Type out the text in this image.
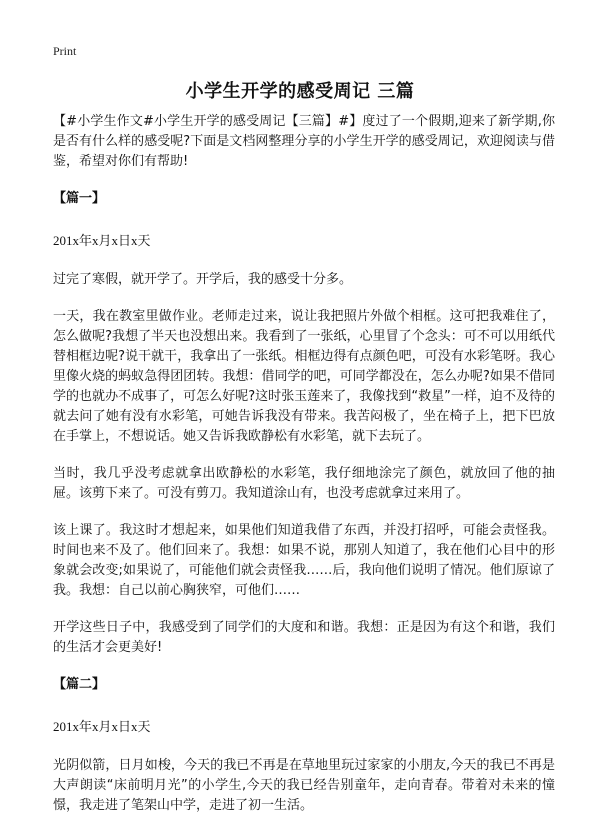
Print
小学生开学的感受周记 三篇

【#小学生作文#小学生开学的感受周记【三篇】#】度过了一个假期,迎来了新学期,你是否有什么样的感受呢?下面是文档网整理分享的小学生开学的感受周记，欢迎阅读与借鉴，希望对你们有帮助!

【篇一】

201x年x月x日x天

过完了寒假，就开学了。开学后，我的感受十分多。

一天，我在教室里做作业。老师走过来，说让我把照片外做个相框。这可把我难住了，怎么做呢?我想了半天也没想出来。我看到了一张纸，心里冒了个念头：可不可以用纸代替相框边呢?说干就干，我拿出了一张纸。相框边得有点颜色吧，可没有水彩笔呀。我心里像火烧的蚂蚁急得团团转。我想：借同学的吧，可同学都没在，怎么办呢?如果不借同学的也就办不成事了，可怎么好呢?这时张玉莲来了，我像找到“救星”一样，迫不及待的就去问了她有没有水彩笔，可她告诉我没有带来。我苦闷极了，坐在椅子上，把下巴放在手掌上，不想说话。她又告诉我欧静松有水彩笔，就下去玩了。

当时，我几乎没考虑就拿出欧静松的水彩笔，我仔细地涂完了颜色，就放回了他的抽屉。该剪下来了。可没有剪刀。我知道涂山有，也没考虑就拿过来用了。

该上课了。我这时才想起来，如果他们知道我借了东西，并没打招呼，可能会责怪我。时间也来不及了。他们回来了。我想：如果不说，那别人知道了，我在他们心目中的形象就会改变;如果说了，可能他们就会责怪我……后，我向他们说明了情况。他们原谅了我。我想：自己以前心胸狭窄，可他们……

开学这些日子中，我感受到了同学们的大度和和谐。我想：正是因为有这个和谐，我们的生活才会更美好!

【篇二】

201x年x月x日x天

光阴似箭，日月如梭，今天的我已不再是在草地里玩过家家的小朋友,今天的我已不再是大声朗读“床前明月光”的小学生,今天的我已经告别童年，走向青春。带着对未来的憧憬，我走进了笔架山中学，走进了初一生活。
